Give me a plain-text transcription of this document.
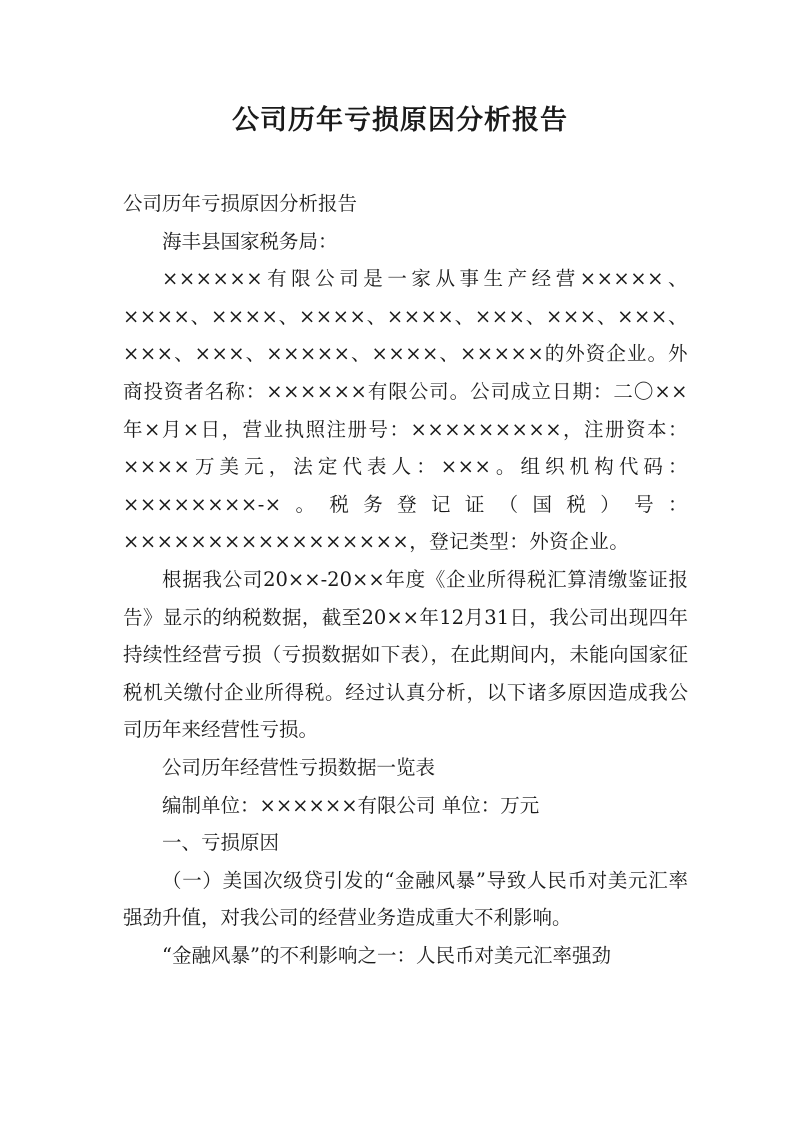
公司历年亏损原因分析报告

公司历年亏损原因分析报告

海丰县国家税务局：

××××××有限公司是一家从事生产经营×××××、××××、××××、××××、××××、×××、×××、×××、×××、×××、×××××、××××、×××××的外资企业。外商投资者名称：××××××有限公司。公司成立日期：二〇××年×月×日，营业执照注册号：×××××××××，注册资本：××××万美元，法定代表人：×××。组织机构代码：××××××××-×。税务登记证（国税）号：×××××××××××××××××，登记类型：外资企业。

根据我公司20××-20××年度《企业所得税汇算清缴鉴证报告》显示的纳税数据，截至20××年12月31日，我公司出现四年持续性经营亏损（亏损数据如下表），在此期间内，未能向国家征税机关缴付企业所得税。经过认真分析，以下诸多原因造成我公司历年来经营性亏损。

公司历年经营性亏损数据一览表

编制单位：××××××有限公司 单位：万元

一、亏损原因

（一）美国次级贷引发的“金融风暴”导致人民币对美元汇率强劲升值，对我公司的经营业务造成重大不利影响。

“金融风暴”的不利影响之一：人民币对美元汇率强劲
